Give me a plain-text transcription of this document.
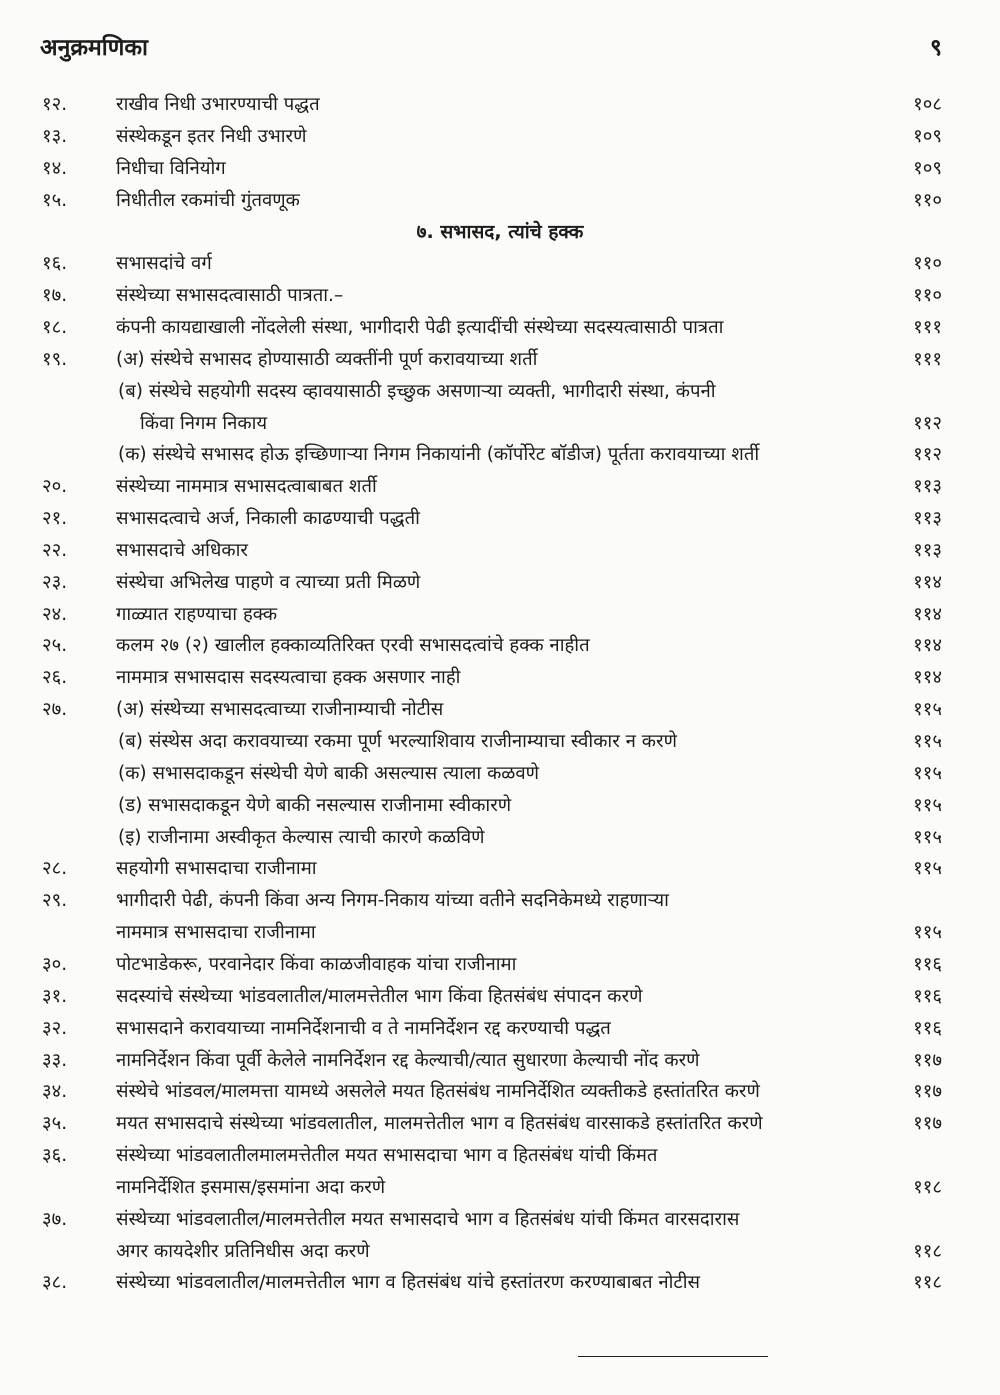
अनुक्रमणिका	९
१२.	राखीव निधी उभारण्याची पद्धत	१०८
१३.	संस्थेकडून इतर निधी उभारणे	१०९
१४.	निधीचा विनियोग	१०९
१५.	निधीतील रकमांची गुंतवणूक	११०
७. सभासद, त्यांचे हक्क
१६.	सभासदांचे वर्ग	११०
१७.	संस्थेच्या सभासदत्वासाठी पात्रता.–	११०
१८.	कंपनी कायद्याखाली नोंदलेली संस्था, भागीदारी पेढी इत्यादींची संस्थेच्या सदस्यत्वासाठी पात्रता	१११
१९.	(अ) संस्थेचे सभासद होण्यासाठी व्यक्तींनी पूर्ण करावयाच्या शर्ती	१११
(ब) संस्थेचे सहयोगी सदस्य व्हावयासाठी इच्छुक असणाऱ्या व्यक्ती, भागीदारी संस्था, कंपनी
किंवा निगम निकाय	११२
(क) संस्थेचे सभासद होऊ इच्छिणाऱ्या निगम निकायांनी (कॉर्पोरेट बॉडीज) पूर्तता करावयाच्या शर्ती	११२
२०.	संस्थेच्या नाममात्र सभासदत्वाबाबत शर्ती	११३
२१.	सभासदत्वाचे अर्ज, निकाली काढण्याची पद्धती	११३
२२.	सभासदाचे अधिकार	११३
२३.	संस्थेचा अभिलेख पाहणे व त्याच्या प्रती मिळणे	११४
२४.	गाळ्यात राहण्याचा हक्क	११४
२५.	कलम २७ (२) खालील हक्काव्यतिरिक्त एरवी सभासदत्वांचे हक्क नाहीत	११४
२६.	नाममात्र सभासदास सदस्यत्वाचा हक्क असणार नाही	११४
२७.	(अ) संस्थेच्या सभासदत्वाच्या राजीनाम्याची नोटीस	११५
(ब) संस्थेस अदा करावयाच्या रकमा पूर्ण भरल्याशिवाय राजीनाम्याचा स्वीकार न करणे	११५
(क) सभासदाकडून संस्थेची येणे बाकी असल्यास त्याला कळवणे	११५
(ड) सभासदाकडून येणे बाकी नसल्यास राजीनामा स्वीकारणे	११५
(इ) राजीनामा अस्वीकृत केल्यास त्याची कारणे कळविणे	११५
२८.	सहयोगी सभासदाचा राजीनामा	११५
२९.	भागीदारी पेढी, कंपनी किंवा अन्य निगम-निकाय यांच्या वतीने सदनिकेमध्ये राहणाऱ्या
नाममात्र सभासदाचा राजीनामा	११५
३०.	पोटभाडेकरू, परवानेदार किंवा काळजीवाहक यांचा राजीनामा	११६
३१.	सदस्यांचे संस्थेच्या भांडवलातील/मालमत्तेतील भाग किंवा हितसंबंध संपादन करणे	११६
३२.	सभासदाने करावयाच्या नामनिर्देशनाची व ते नामनिर्देशन रद्द करण्याची पद्धत	११६
३३.	नामनिर्देशन किंवा पूर्वी केलेले नामनिर्देशन रद्द केल्याची/त्यात सुधारणा केल्याची नोंद करणे	११७
३४.	संस्थेचे भांडवल/मालमत्ता यामध्ये असलेले मयत हितसंबंध नामनिर्देशित व्यक्तीकडे हस्तांतरित करणे	११७
३५.	मयत सभासदाचे संस्थेच्या भांडवलातील, मालमत्तेतील भाग व हितसंबंध वारसाकडे हस्तांतरित करणे	११७
३६.	संस्थेच्या भांडवलातीलमालमत्तेतील मयत सभासदाचा भाग व हितसंबंध यांची किंमत
नामनिर्देशित इसमास/इसमांना अदा करणे	११८
३७.	संस्थेच्या भांडवलातील/मालमत्तेतील मयत सभासदाचे भाग व हितसंबंध यांची किंमत वारसदारास
अगर कायदेशीर प्रतिनिधीस अदा करणे	११८
३८.	संस्थेच्या भांडवलातील/मालमत्तेतील भाग व हितसंबंध यांचे हस्तांतरण करण्याबाबत नोटीस	११८
